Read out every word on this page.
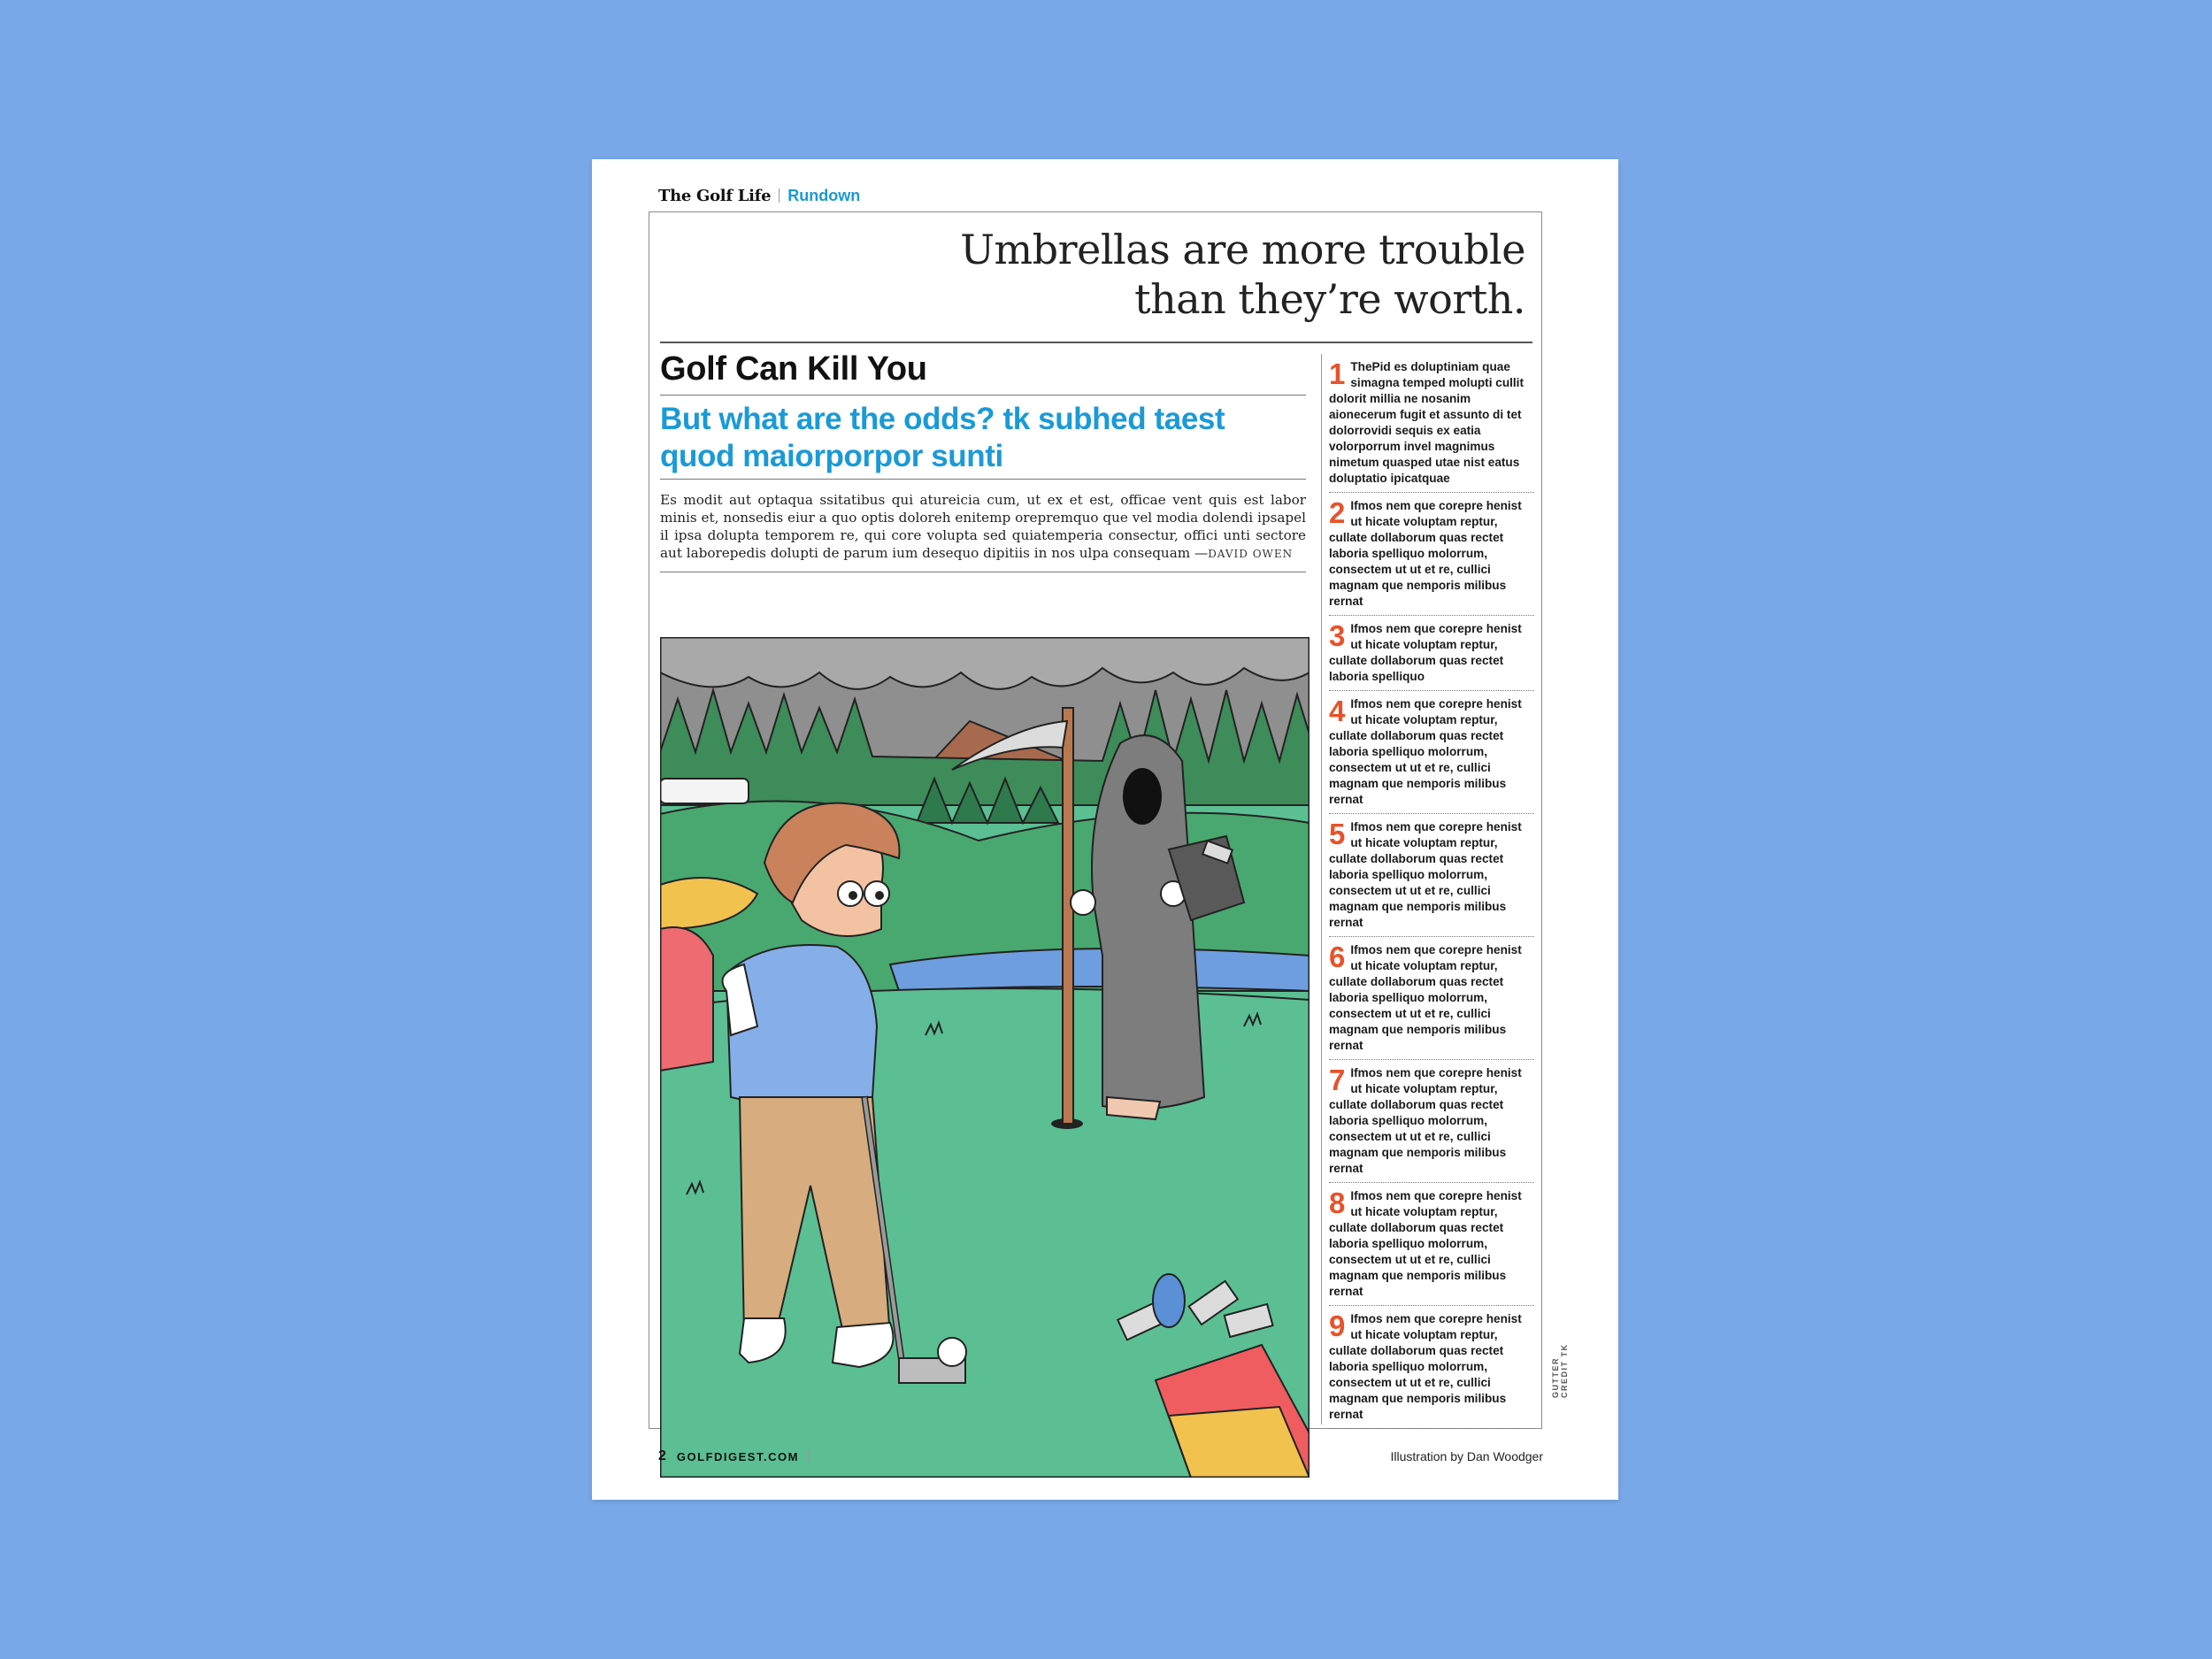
The Golf Life Rundown
Umbrellas are more trouble
than they’re worth.
Golf Can Kill You
But what are the odds? tk subhed taest quod maiorporpor sunti
Es modit aut optaqua ssitatibus qui atureicia cum, ut ex et est, officae vent quis est labor minis et, nonsedis eiur a quo optis doloreh enitemp orepremquo que vel modia dolendi ipsapel il ipsa dolupta temporem re, qui core volupta sed quiatemperia consectur, offici unti sectore aut laborepedis dolupti de parum ium desequo dipitiis in nos ulpa consequam —DAVID OWEN
1 ThePid es doluptiniam quae simagna temped molupti cullit dolorit millia ne nosanim aionecerum fugit et assunto di tet dolorrovidi sequis ex eatia volorporrum invel magnimus nimetum quasped utae nist eatus doluptatio ipicatquae
2 Ifmos nem que corepre henist ut hicate voluptam reptur, cullate dollaborum quas rectet laboria spelliquo molorrum, consectem ut ut et re, cullici magnam que nemporis milibus rernat
3 Ifmos nem que corepre henist ut hicate voluptam reptur, cullate dollaborum quas rectet laboria spelliquo
4 Ifmos nem que corepre henist ut hicate voluptam reptur, cullate dollaborum quas rectet laboria spelliquo molorrum, consectem ut ut et re, cullici magnam que nemporis milibus rernat
5 Ifmos nem que corepre henist ut hicate voluptam reptur, cullate dollaborum quas rectet laboria spelliquo molorrum, consectem ut ut et re, cullici magnam que nemporis milibus rernat
6 Ifmos nem que corepre henist ut hicate voluptam reptur, cullate dollaborum quas rectet laboria spelliquo molorrum, consectem ut ut et re, cullici magnam que nemporis milibus rernat
7 Ifmos nem que corepre henist ut hicate voluptam reptur, cullate dollaborum quas rectet laboria spelliquo molorrum, consectem ut ut et re, cullici magnam que nemporis milibus rernat
8 Ifmos nem que corepre henist ut hicate voluptam reptur, cullate dollaborum quas rectet laboria spelliquo molorrum, consectem ut ut et re, cullici magnam que nemporis milibus rernat
9 Ifmos nem que corepre henist ut hicate voluptam reptur, cullate dollaborum quas rectet laboria spelliquo molorrum, consectem ut ut et re, cullici magnam que nemporis milibus rernat
GUTTER CREDIT TK
2 GOLFDIGEST.COM	Illustration by Dan Woodger
